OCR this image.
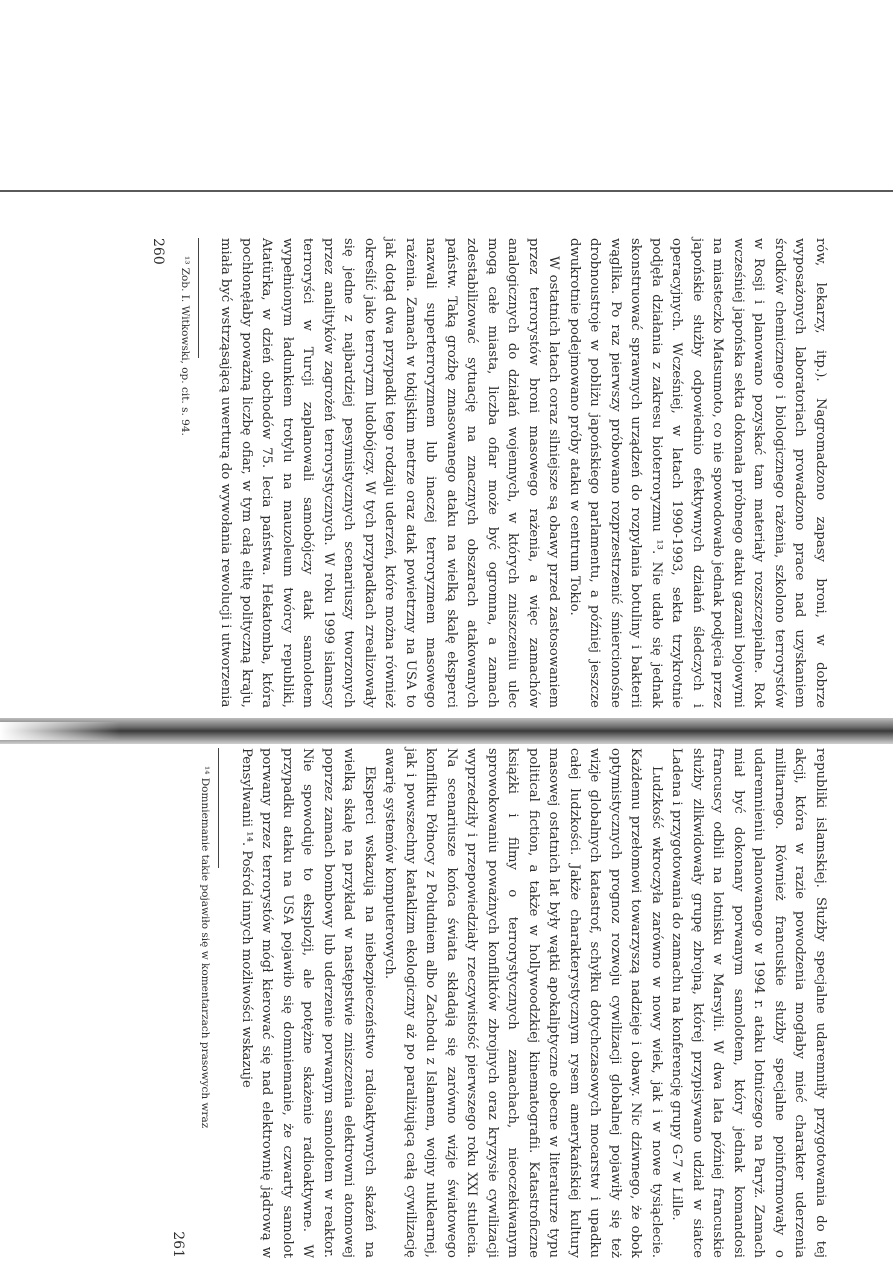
rów, lekarzy, itp.). Nagromadzono zapasy broni, w dobrze wyposażonych laboratoriach prowadzono prace nad uzyskaniem środków chemicznego i biologicznego rażenia, szkolono terrorystów w Rosji i planowano pozyskać tam materiały rozszczepialne. Rok wcześniej japońska sekta dokonała próbnego ataku gazami bojowymi na miasteczko Matsumoto, co nie spowodowało jednak podjęcia przez japońskie służby odpowiednio efektywnych działań śledczych i operacyjnych. Wcześniej, w latach 1990-1993, sekta trzykrotnie podjęła działania z zakresu bioterroryzmu ¹³. Nie udało się jednak skonstruować sprawnych urządzeń do rozpylania botuliny i bakterii wąglika. Po raz pierwszy próbowano rozprzestrzenić śmiercionośne drobnoustroje w pobliżu japońskiego parlamentu, a później jeszcze dwukrotnie podejmowano próby ataku w centrum Tokio.

W ostatnich latach coraz silniejsze są obawy przed zastosowaniem przez terrorystów broni masowego rażenia, a więc zamachów analogicznych do działań wojennych, w których zniszczeniu ulec mogą całe miasta, liczba ofiar może być ogromna, a zamach zdestabilizować sytuację na znacznych obszarach atakowanych państw. Taką groźbę zmasowanego ataku na wielką skalę eksperci nazwali superterroryzmem lub inaczej terroryzmem masowego rażenia. Zamach w tokijskim metrze oraz atak powietrzny na USA to jak dotąd dwa przypadki tego rodzaju uderzeń, które można również określić jako terroryzm ludobójczy. W tych przypadkach zrealizowały się jedne z najbardziej pesymistycznych scenariuszy tworzonych przez analityków zagrożeń terrorystycznych. W roku 1999 islamscy terroryści w Turcji zaplanowali samobójczy atak samolotem wypełnionym ładunkiem trotylu na mauzoleum twórcy republiki, Atatürka, w dzień obchodów 75. lecia państwa. Hekatomba, która pochłonęłaby poważną liczbę ofiar, w tym całą elitę polityczną kraju, miała być wstrząsającą uwerturą do wywołania rewolucji i utworzenia

¹³ Zob. I. Witkowski, op. cit. s. 94.

260

republiki islamskiej. Służby specjalne udaremniły przygotowania do tej akcji, która w razie powodzenia mogłaby mieć charakter uderzenia militarnego. Również francuskie służby specjalne poinformowały o udaremnieniu planowanego w 1994 r. ataku lotniczego na Paryż. Zamach miał być dokonany porwanym samolotem, który jednak komandosi francuscy odbili na lotnisku w Marsylii. W dwa lata później francuskie służby zlikwidowały grupę zbrojną, której przypisywano udział w siatce Ladena i przygotowania do zamachu na konferencję grupy G-7 w Lille.

Ludzkość wkroczyła zarówno w nowy wiek, jak i w nowe tysiąclecie. Każdemu przełomowi towarzyszą nadzieje i obawy. Nic dziwnego, że obok optymistycznych prognoz rozwoju cywilizacji globalnej pojawiły się też wizje globalnych katastrof, schyłku dotychczasowych mocarstw i upadku całej ludzkości. Jakże charakterystycznym rysem amerykańskiej kultury masowej ostatnich lat były wątki apokaliptyczne obecne w literaturze typu political fiction, a także w hollywoodzkiej kinematografii. Katastroficzne książki i filmy o terrorystycznych zamachach, nieoczekiwanym sprowokowaniu poważnych konfliktów zbrojnych oraz kryzysie cywilizacji wyprzedziły i przepowiedziały rzeczywistość pierwszego roku XXI stulecia. Na scenariusze końca świata składają się zarówno wizje światowego konfliktu Północy z Południem albo Zachodu z Islamem, wojny nuklearnej, jak i powszechny kataklizm ekologiczny aż po paraliżującą całą cywilizację awarię systemów komputerowych.

Eksperci wskazują na niebezpieczeństwo radioaktywnych skażeń na wielką skalę na przykład w następstwie zniszczenia elektrowni atomowej poprzez zamach bombowy lub uderzenie porwanym samolotem w reaktor. Nie spowoduje to eksplozji, ale potężne skażenie radioaktywne. W przypadku ataku na USA pojawiło się domniemanie, że czwarty samolot porwany przez terrorystów mógł kierować się nad elektrownię jądrową w Pensylwanii ¹⁴. Pośród innych możliwości wskazuje

¹⁴ Domniemanie takie pojawiło się w komentarzach prasowych wraz

261
